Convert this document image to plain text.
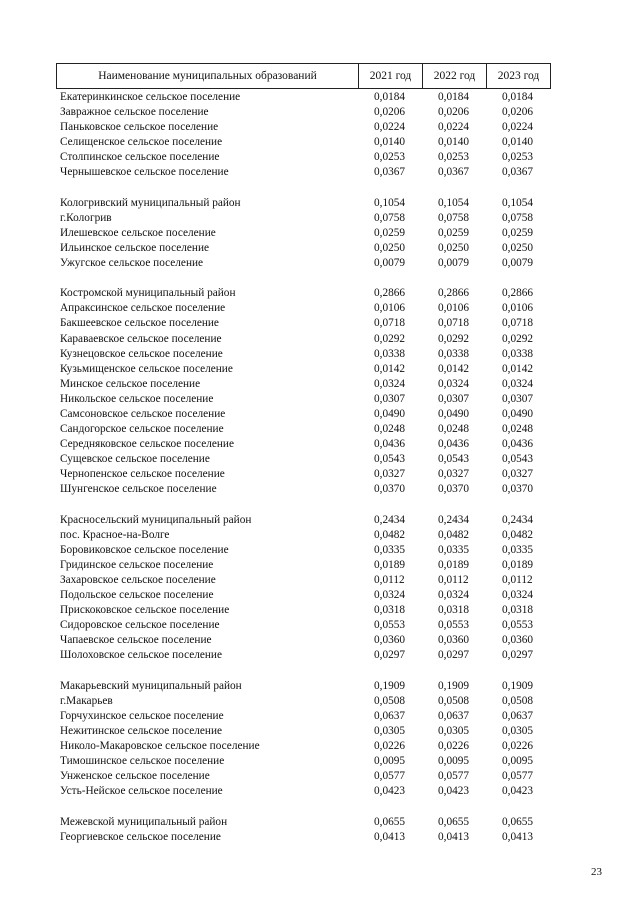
Наименование муниципальных образований	2021 год	2022 год	2023 год
Екатеринкинское сельское поселение	0,0184	0,0184	0,0184
Завражное сельское поселение	0,0206	0,0206	0,0206
Паньковское сельское поселение	0,0224	0,0224	0,0224
Селищенское сельское поселение	0,0140	0,0140	0,0140
Столпинское сельское поселение	0,0253	0,0253	0,0253
Чернышевское сельское поселение	0,0367	0,0367	0,0367
Кологривский муниципальный район	0,1054	0,1054	0,1054
г.Кологрив	0,0758	0,0758	0,0758
Илешевское сельское поселение	0,0259	0,0259	0,0259
Ильинское сельское поселение	0,0250	0,0250	0,0250
Ужугское сельское поселение	0,0079	0,0079	0,0079
Костромской муниципальный район	0,2866	0,2866	0,2866
Апраксинское сельское поселение	0,0106	0,0106	0,0106
Бакшеевское сельское поселение	0,0718	0,0718	0,0718
Караваевское сельское поселение	0,0292	0,0292	0,0292
Кузнецовское сельское поселение	0,0338	0,0338	0,0338
Кузьмищенское сельское поселение	0,0142	0,0142	0,0142
Минское сельское поселение	0,0324	0,0324	0,0324
Никольское сельское поселение	0,0307	0,0307	0,0307
Самсоновское сельское поселение	0,0490	0,0490	0,0490
Сандогорское сельское поселение	0,0248	0,0248	0,0248
Середняковское сельское поселение	0,0436	0,0436	0,0436
Сущевское сельское поселение	0,0543	0,0543	0,0543
Чернопенское сельское поселение	0,0327	0,0327	0,0327
Шунгенское сельское поселение	0,0370	0,0370	0,0370
Красносельский муниципальный район	0,2434	0,2434	0,2434
пос. Красное-на-Волге	0,0482	0,0482	0,0482
Боровиковское сельское поселение	0,0335	0,0335	0,0335
Гридинское сельское поселение	0,0189	0,0189	0,0189
Захаровское сельское поселение	0,0112	0,0112	0,0112
Подольское сельское поселение	0,0324	0,0324	0,0324
Прискоковское сельское поселение	0,0318	0,0318	0,0318
Сидоровское сельское поселение	0,0553	0,0553	0,0553
Чапаевское сельское поселение	0,0360	0,0360	0,0360
Шолоховское сельское поселение	0,0297	0,0297	0,0297
Макарьевский муниципальный район	0,1909	0,1909	0,1909
г.Макарьев	0,0508	0,0508	0,0508
Горчухинское сельское поселение	0,0637	0,0637	0,0637
Нежитинское сельское поселение	0,0305	0,0305	0,0305
Николо-Макаровское сельское поселение	0,0226	0,0226	0,0226
Тимошинское сельское поселение	0,0095	0,0095	0,0095
Унженское сельское поселение	0,0577	0,0577	0,0577
Усть-Нейское сельское поселение	0,0423	0,0423	0,0423
Межевской муниципальный район	0,0655	0,0655	0,0655
Георгиевское сельское поселение	0,0413	0,0413	0,0413
23
